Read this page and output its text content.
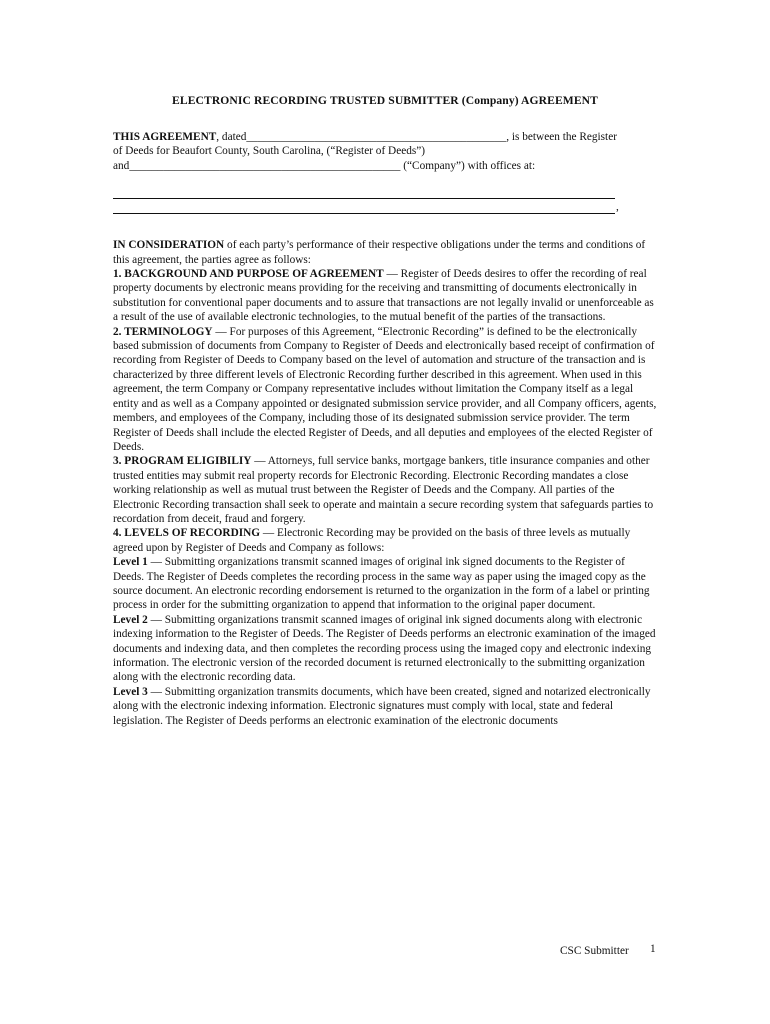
ELECTRONIC RECORDING TRUSTED SUBMITTER (Company) AGREEMENT

THIS AGREEMENT, dated______________________________________________, is between the Register
of Deeds for Beaufort County, South Carolina, (“Register of Deeds”)

and________________________________________________ (“Company”) with offices at:

,

IN CONSIDERATION of each party’s performance of their respective obligations under the terms and conditions of this agreement, the parties agree as follows:

1. BACKGROUND AND PURPOSE OF AGREEMENT — Register of Deeds desires to offer the recording of real property documents by electronic means providing for the receiving and transmitting of documents electronically in substitution for conventional paper documents and to assure that transactions are not legally invalid or unenforceable as a result of the use of available electronic technologies, to the mutual benefit of the parties of the transactions.

2. TERMINOLOGY — For purposes of this Agreement, “Electronic Recording” is defined to be the electronically based submission of documents from Company to Register of Deeds and electronically based receipt of confirmation of recording from Register of Deeds to Company based on the level of automation and structure of the transaction and is characterized by three different levels of Electronic Recording further described in this agreement. When used in this agreement, the term Company or Company representative includes without limitation the Company itself as a legal entity and as well as a Company appointed or designated submission service provider, and all Company officers, agents, members, and employees of the Company, including those of its designated submission service provider. The term Register of Deeds shall include the elected Register of Deeds, and all deputies and employees of the elected Register of Deeds.

3. PROGRAM ELIGIBILIY — Attorneys, full service banks, mortgage bankers, title insurance companies and other trusted entities may submit real property records for Electronic Recording. Electronic Recording mandates a close working relationship as well as mutual trust between the Register of Deeds and the Company. All parties of the Electronic Recording transaction shall seek to operate and maintain a secure recording system that safeguards parties to recordation from deceit, fraud and forgery.

4. LEVELS OF RECORDING — Electronic Recording may be provided on the basis of three levels as mutually agreed upon by Register of Deeds and Company as follows:

Level 1 — Submitting organizations transmit scanned images of original ink signed documents to the Register of Deeds. The Register of Deeds completes the recording process in the same way as paper using the imaged copy as the source document. An electronic recording endorsement is returned to the organization in the form of a label or printing process in order for the submitting organization to append that information to the original paper document.

Level 2 — Submitting organizations transmit scanned images of original ink signed documents along with electronic indexing information to the Register of Deeds. The Register of Deeds performs an electronic examination of the imaged documents and indexing data, and then completes the recording process using the imaged copy and electronic indexing information. The electronic version of the recorded document is returned electronically to the submitting organization along with the electronic recording data.

Level 3 — Submitting organization transmits documents, which have been created, signed and notarized electronically along with the electronic indexing information. Electronic signatures must comply with local, state and federal legislation. The Register of Deeds performs an electronic examination of the electronic documents

CSC Submitter 1
